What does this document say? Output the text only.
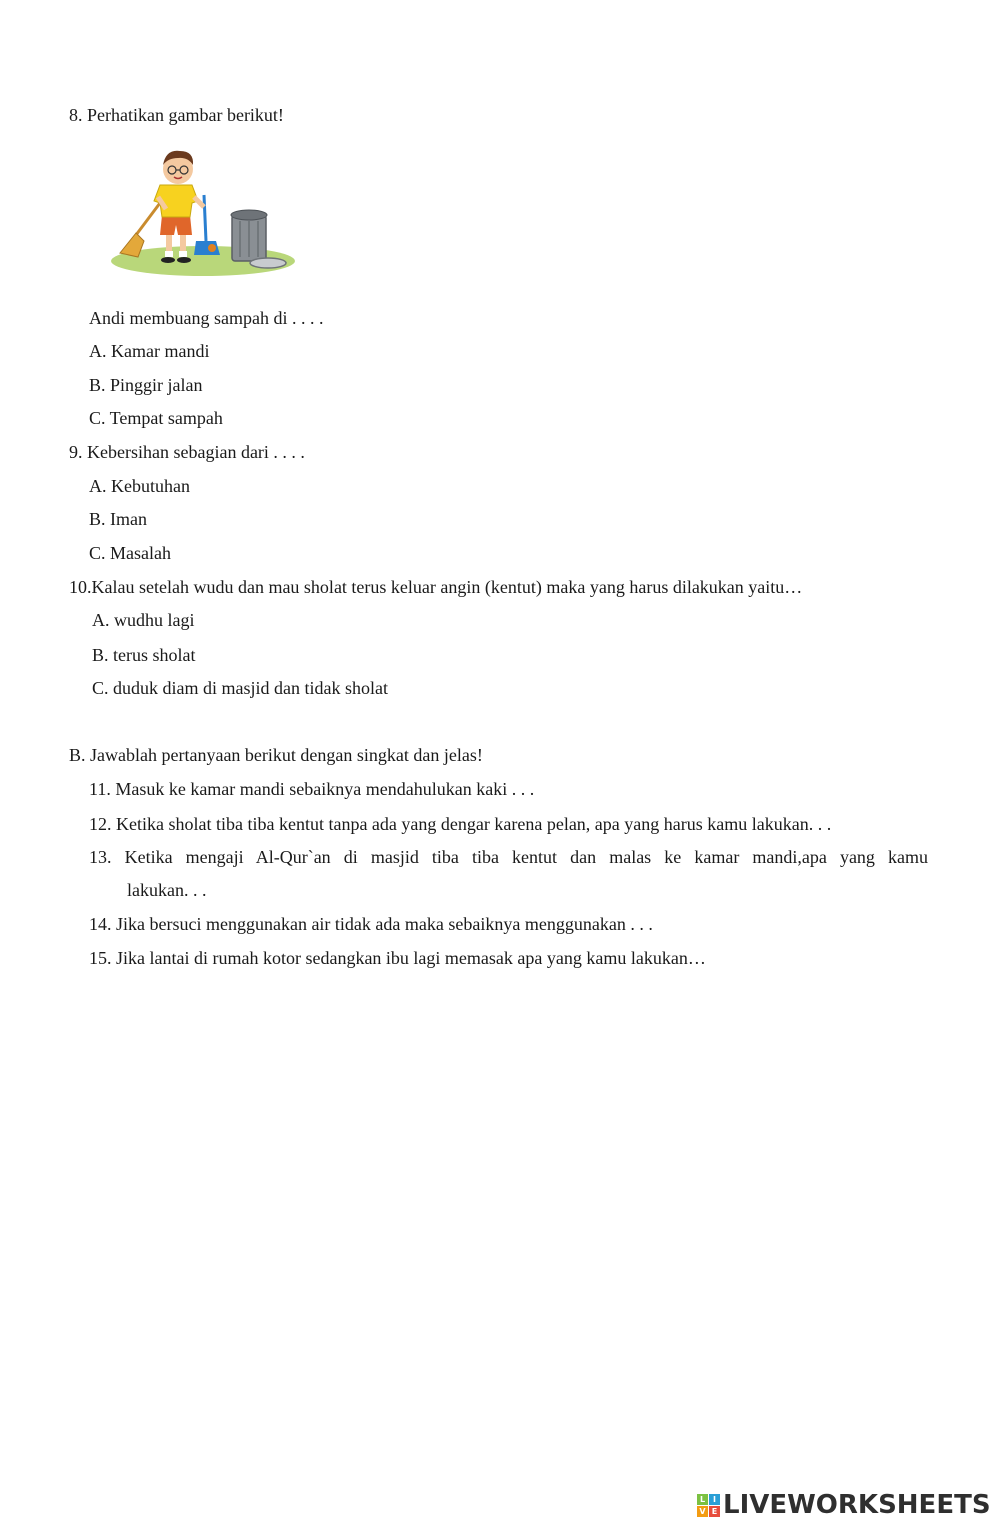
8. Perhatikan gambar berikut!
Andi membuang sampah di . . . .
A. Kamar mandi
B. Pinggir jalan
C. Tempat sampah
9. Kebersihan sebagian dari . . . .
A. Kebutuhan
B. Iman
C. Masalah
10.Kalau setelah wudu dan mau sholat terus keluar angin (kentut) maka yang harus dilakukan yaitu…
A. wudhu lagi
B. terus sholat
C. duduk diam di masjid dan tidak sholat
B. Jawablah pertanyaan berikut dengan singkat dan jelas!
11. Masuk ke kamar mandi sebaiknya mendahulukan kaki . . .
12. Ketika sholat tiba tiba kentut tanpa ada yang dengar karena pelan, apa yang harus kamu lakukan. . .
13. Ketika mengaji Al-Qur`an di masjid tiba tiba kentut dan malas ke kamar mandi,apa yang kamu
lakukan. . .
14. Jika bersuci menggunakan air tidak ada maka sebaiknya menggunakan . . .
15. Jika lantai di rumah kotor sedangkan ibu lagi memasak apa yang kamu lakukan…
L I
V E LIVEWORKSHEETS
